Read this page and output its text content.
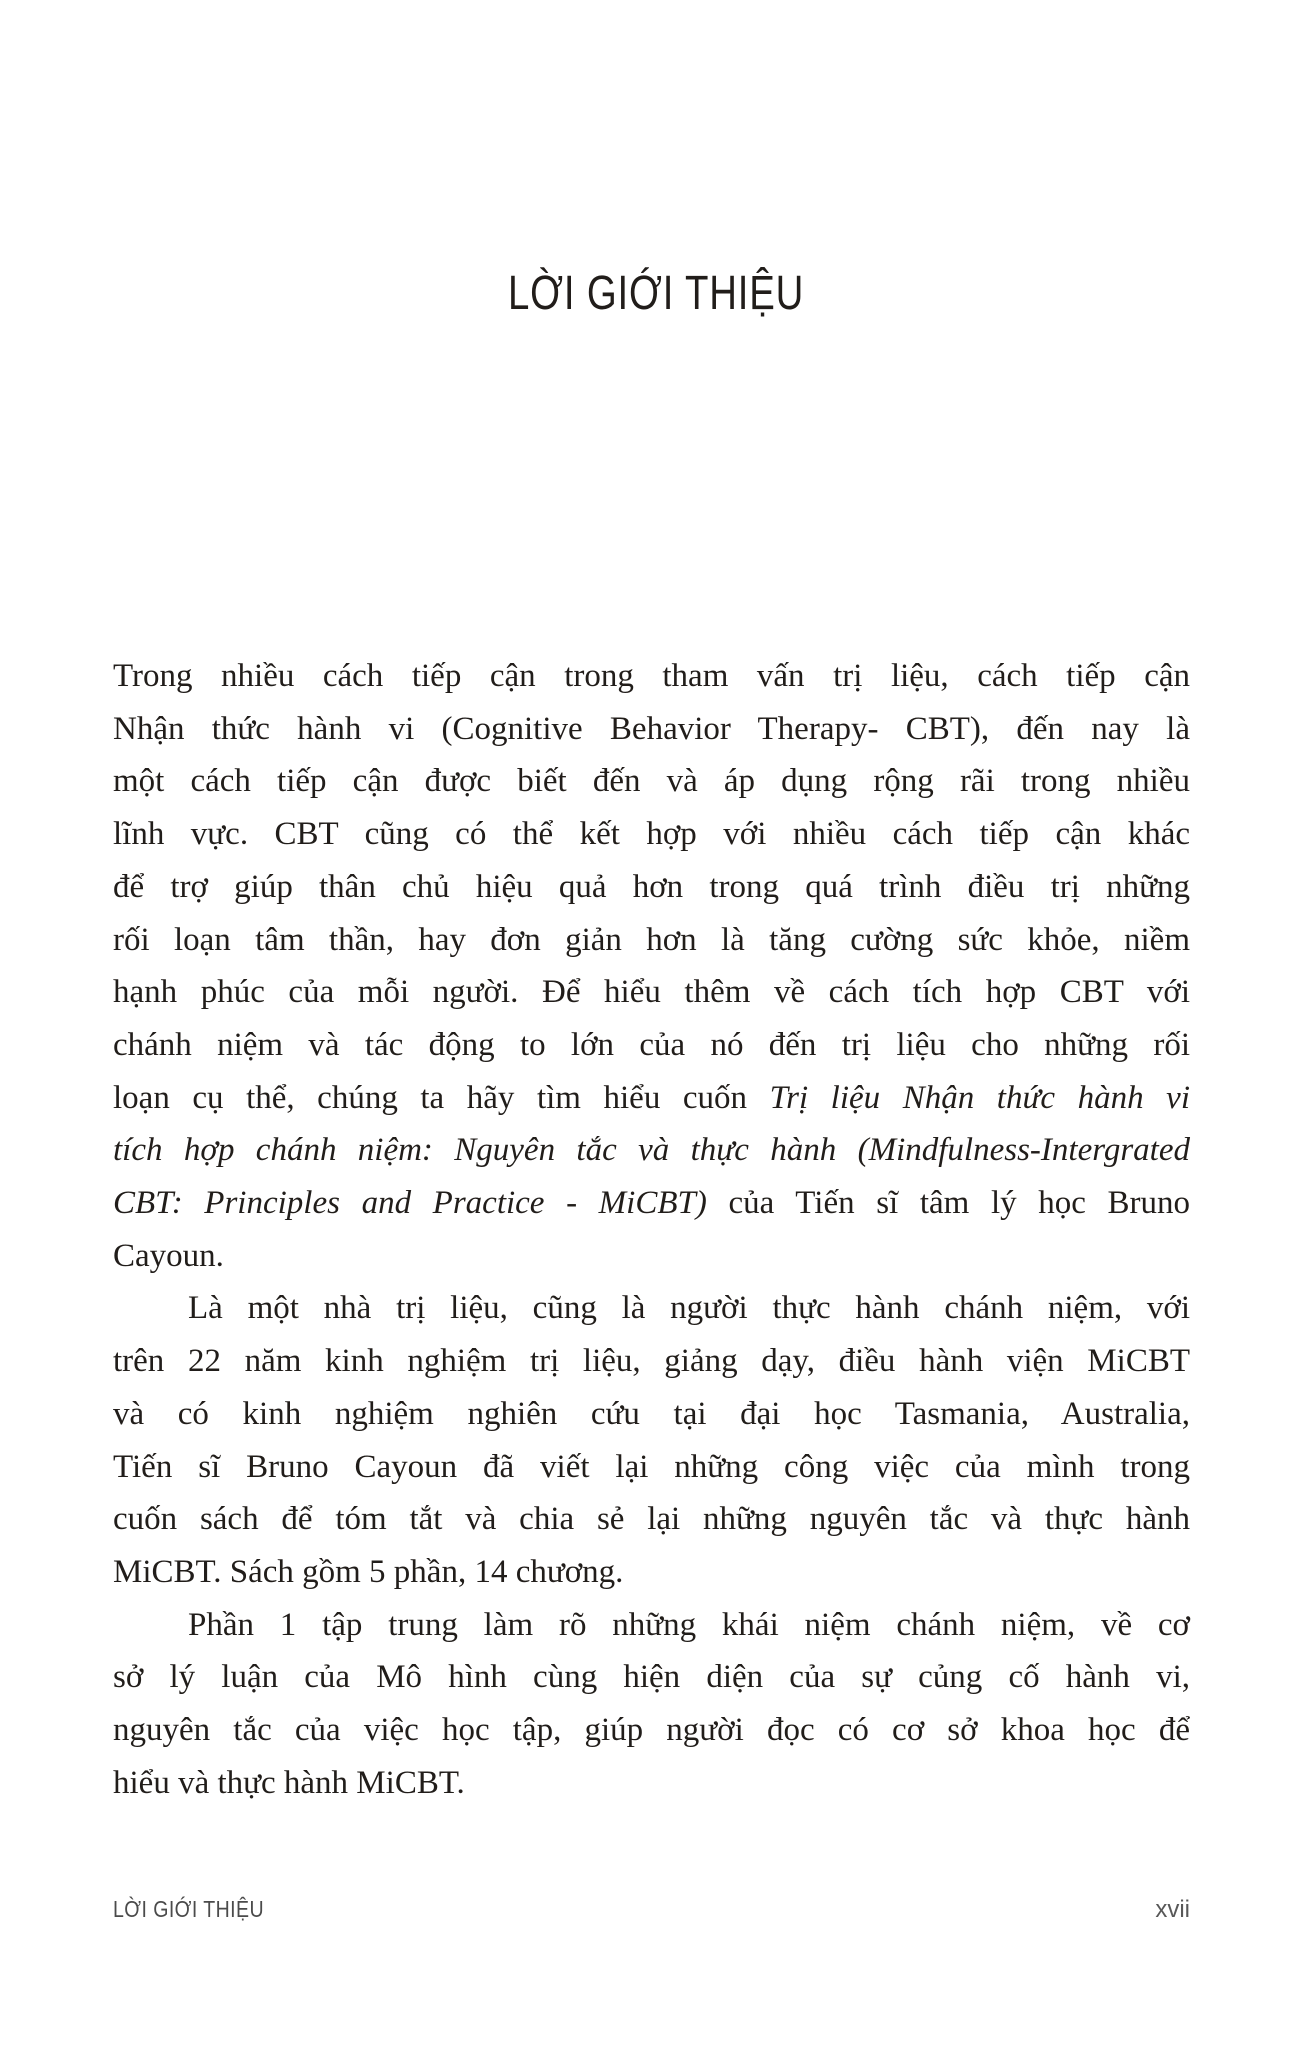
LỜI GIỚI THIỆU
Trong nhiều cách tiếp cận trong tham vấn trị liệu, cách tiếp cận
Nhận thức hành vi (Cognitive Behavior Therapy- CBT), đến nay là
một cách tiếp cận được biết đến và áp dụng rộng rãi trong nhiều
lĩnh vực. CBT cũng có thể kết hợp với nhiều cách tiếp cận khác
để trợ giúp thân chủ hiệu quả hơn trong quá trình điều trị những
rối loạn tâm thần, hay đơn giản hơn là tăng cường sức khỏe, niềm
hạnh phúc của mỗi người. Để hiểu thêm về cách tích hợp CBT với
chánh niệm và tác động to lớn của nó đến trị liệu cho những rối
loạn cụ thể, chúng ta hãy tìm hiểu cuốn Trị liệu Nhận thức hành vi
tích hợp chánh niệm: Nguyên tắc và thực hành (Mindfulness-Intergrated
CBT: Principles and Practice - MiCBT) của Tiến sĩ tâm lý học Bruno
Cayoun.
Là một nhà trị liệu, cũng là người thực hành chánh niệm, với
trên 22 năm kinh nghiệm trị liệu, giảng dạy, điều hành viện MiCBT
và có kinh nghiệm nghiên cứu tại đại học Tasmania, Australia,
Tiến sĩ Bruno Cayoun đã viết lại những công việc của mình trong
cuốn sách để tóm tắt và chia sẻ lại những nguyên tắc và thực hành
MiCBT. Sách gồm 5 phần, 14 chương.
Phần 1 tập trung làm rõ những khái niệm chánh niệm, về cơ
sở lý luận của Mô hình cùng hiện diện của sự củng cố hành vi,
nguyên tắc của việc học tập, giúp người đọc có cơ sở khoa học để
hiểu và thực hành MiCBT.
LỜI GIỚI THIỆU	xvii
